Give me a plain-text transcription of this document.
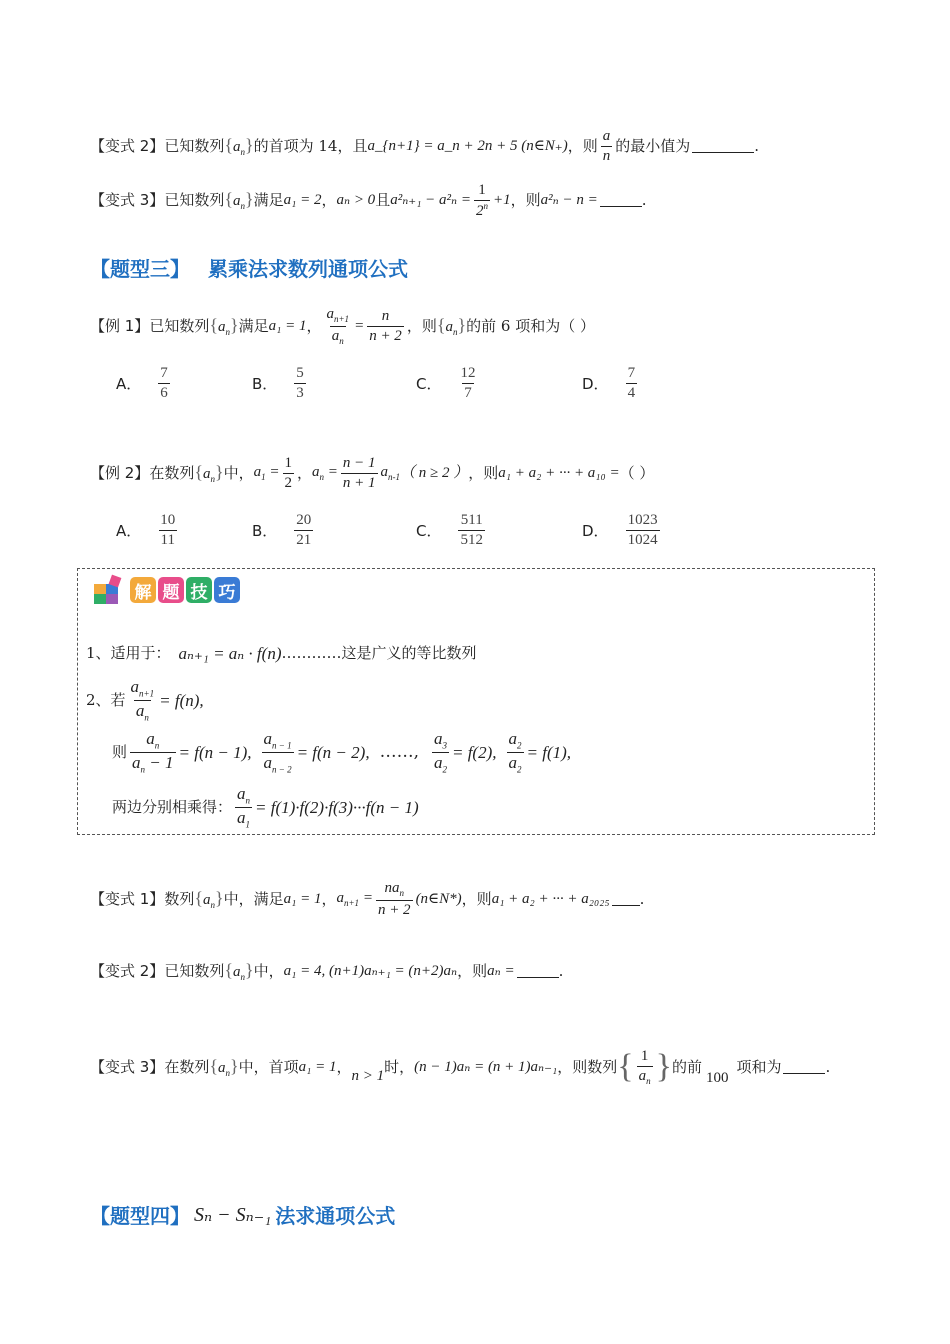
【变式 2】 已知数列 $\{a_n\}$ 的首项为 14，且 a_{n+1} = a_n + 2n + 5 (n∈N₊) ，则 $\frac{a}{n}$ 的最小值为	.
【变式 3】 已知数列 $\{a_n\}$ 满足 a₁ = 2 ， aₙ > 0 且 $a^2_{n+1} - a^2_n = \frac{1}{2^n} +1$ ，则 a²ₙ − n =	.
【 题型三 】 累乘法求数列通项公式
【例 1】 已知数列 $\{a_n\}$ 满足 a₁ = 1 ， $\frac{a_{n+1}}{a_n} = \frac{n}{n + 2}$ ，则 $\{a_n\}$ 的前 6 项和为（ ）
A． $\frac{7}{6}$	B． $\frac{5}{3}$	C． $\frac{12}{7}$	D． $\frac{7}{4}$
【例 2】 在数列 $\{a_n\}$ 中， $a_1 = \frac{1}{2}$ ， $a_n = \frac{n - 1}{n + 1} a_{n-1}$ （ n ≥ 2 ） ，则 a₁ + a₂ + ··· + a₁₀ = （ ）
A． $\frac{10}{11}$	B． $\frac{20}{21}$	C． $\frac{511}{512}$	D． $\frac{1023}{1024}$
解 题 技 巧
1、适用于： aₙ₊₁ = aₙ · f(n) ………… 这是广义的等比数列
2、若 $\frac{a_{n+1}}{a_n} = f(n)$,
则 $\frac{a_n}{a_n - 1} = f(n - 1)$, $\frac{a_{n - 1}}{a_{n - 2}} = f(n - 2)$, ……, $\frac{a_3}{a_2} = f(2)$, $\frac{a_2}{a_2} = f(1)$,
两边分别相乘得： $\frac{a_n}{a_1} = f(1)\cdot f(2)\cdot f(3)\cdot\cdot\cdot f(n - 1)$
【变式 1】 数列 $\{a_n\}$ 中，满足 a₁ = 1 ， $a_{n+1} = \frac{na_n}{n + 2}$ (n∈N*) ，则 a₁ + a₂ + ··· + a₂₀₂₅ .
【变式 2】 已知数列 $\{a_n\}$ 中， a₁ = 4, (n+1)aₙ₊₁ = (n+2)aₙ ，则 aₙ =	.
【变式 3】 在数列 $\{a_n\}$ 中，首项 a₁ = 1 ， n > 1 时， (n − 1)aₙ = (n + 1)aₙ₋₁ ，则数列 { $\frac{1}{a_n}$ } 的前
100
项和为	.
【 题型四 】 Sₙ − Sₙ₋₁ 法求通项公式
